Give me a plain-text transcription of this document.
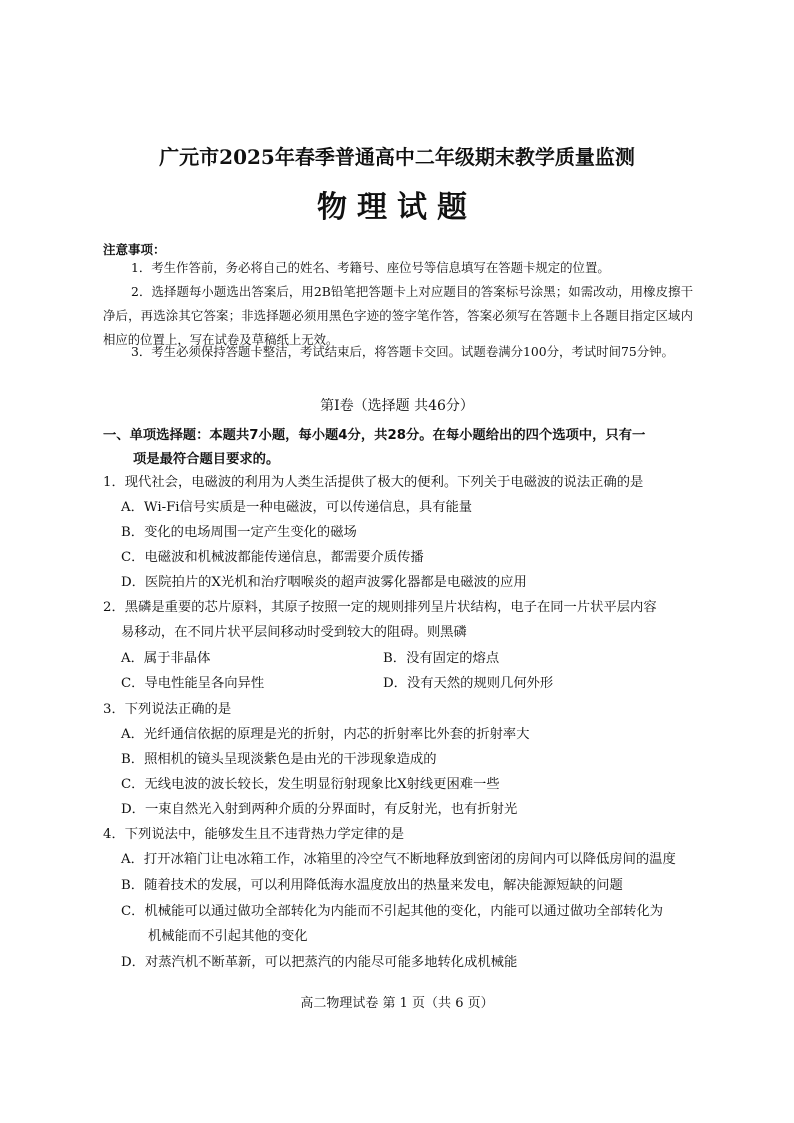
广元市2025年春季普通高中二年级期末教学质量监测
物理试题
注意事项：
1．考生作答前，务必将自己的姓名、考籍号、座位号等信息填写在答题卡规定的位置。
2．选择题每小题选出答案后，用2B铅笔把答题卡上对应题目的答案标号涂黑；如需改动，用橡皮擦干净后，再选涂其它答案；非选择题必须用黑色字迹的签字笔作答，答案必须写在答题卡上各题目指定区域内相应的位置上，写在试卷及草稿纸上无效。
3．考生必须保持答题卡整洁，考试结束后，将答题卡交回。试题卷满分100分，考试时间75分钟。
第Ⅰ卷（选择题 共46分）
一、单项选择题：本题共7小题，每小题4分，共28分。在每小题给出的四个选项中，只有一
项是最符合题目要求的。
1．现代社会，电磁波的利用为人类生活提供了极大的便利。下列关于电磁波的说法正确的是
A．Wi-Fi信号实质是一种电磁波，可以传递信息，具有能量
B．变化的电场周围一定产生变化的磁场
C．电磁波和机械波都能传递信息，都需要介质传播
D．医院拍片的X光机和治疗咽喉炎的超声波雾化器都是电磁波的应用
2．黑磷是重要的芯片原料，其原子按照一定的规则排列呈片状结构，电子在同一片状平层内容
易移动，在不同片状平层间移动时受到较大的阻碍。则黑磷
A．属于非晶体	B．没有固定的熔点
C．导电性能呈各向异性	D．没有天然的规则几何外形
3．下列说法正确的是
A．光纤通信依据的原理是光的折射，内芯的折射率比外套的折射率大
B．照相机的镜头呈现淡紫色是由光的干涉现象造成的
C．无线电波的波长较长，发生明显衍射现象比X射线更困难一些
D．一束自然光入射到两种介质的分界面时，有反射光，也有折射光
4．下列说法中，能够发生且不违背热力学定律的是
A．打开冰箱门让电冰箱工作，冰箱里的冷空气不断地释放到密闭的房间内可以降低房间的温度
B．随着技术的发展，可以利用降低海水温度放出的热量来发电，解决能源短缺的问题
C．机械能可以通过做功全部转化为内能而不引起其他的变化，内能可以通过做功全部转化为
机械能而不引起其他的变化
D．对蒸汽机不断革新，可以把蒸汽的内能尽可能多地转化成机械能
高二物理试卷 第 1 页（共 6 页）
